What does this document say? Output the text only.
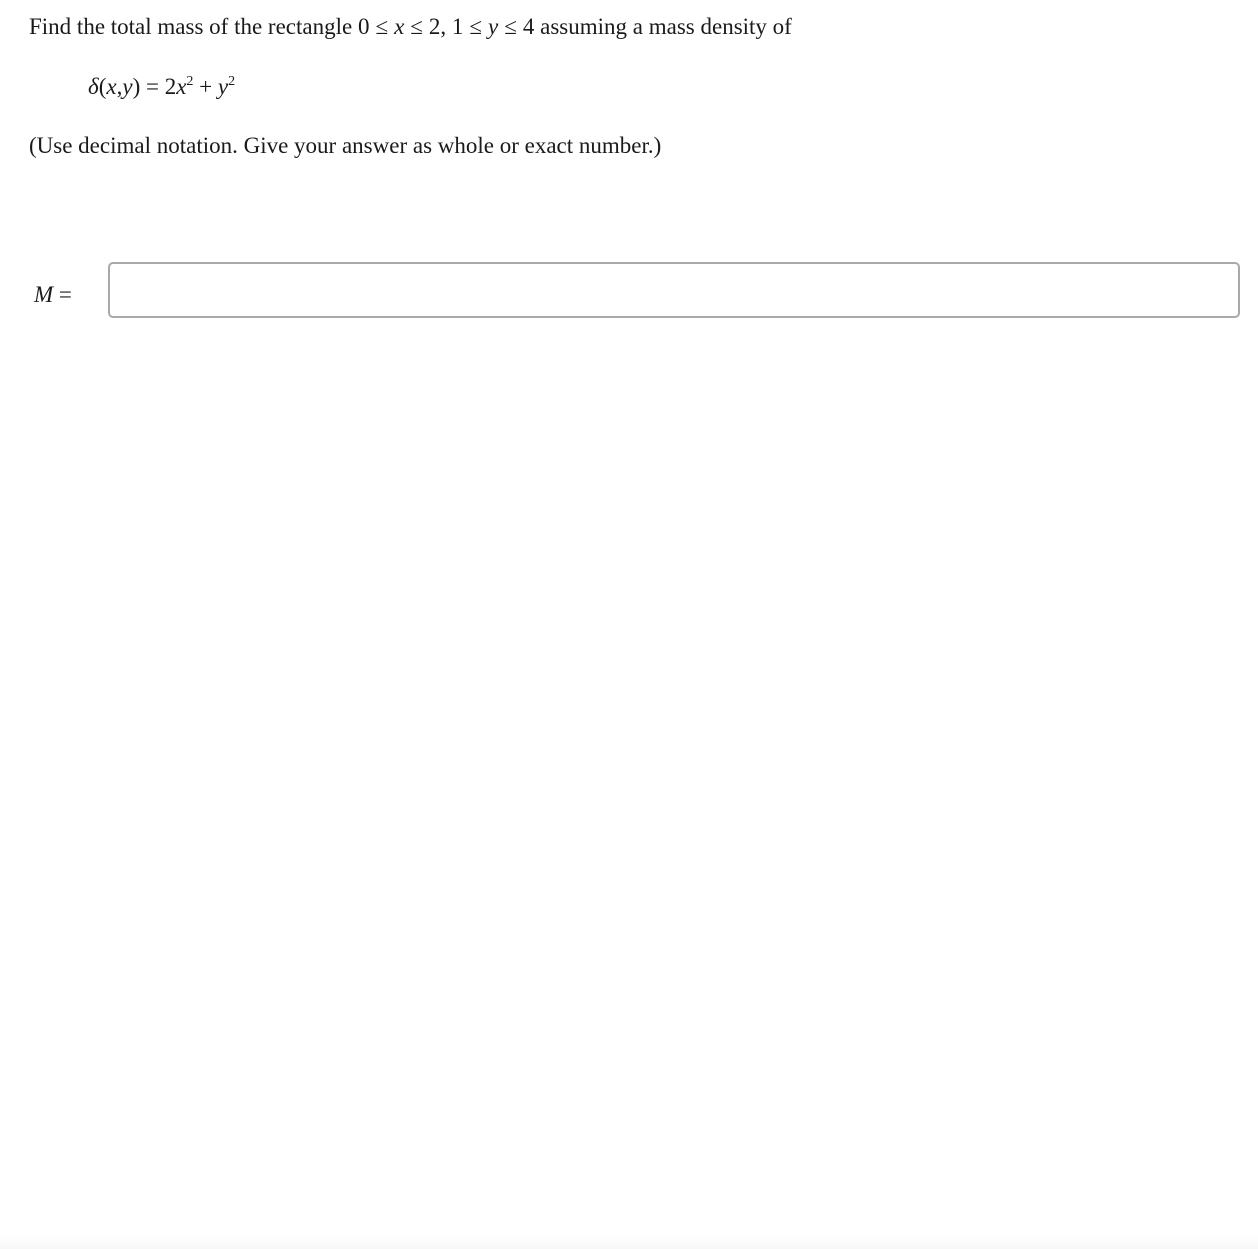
Find the total mass of the rectangle 0 ≤ x ≤ 2, 1 ≤ y ≤ 4 assuming a mass density of
$\delta(x,y) = 2x^2 + y^2$
(Use decimal notation. Give your answer as whole or exact number.)
M =
